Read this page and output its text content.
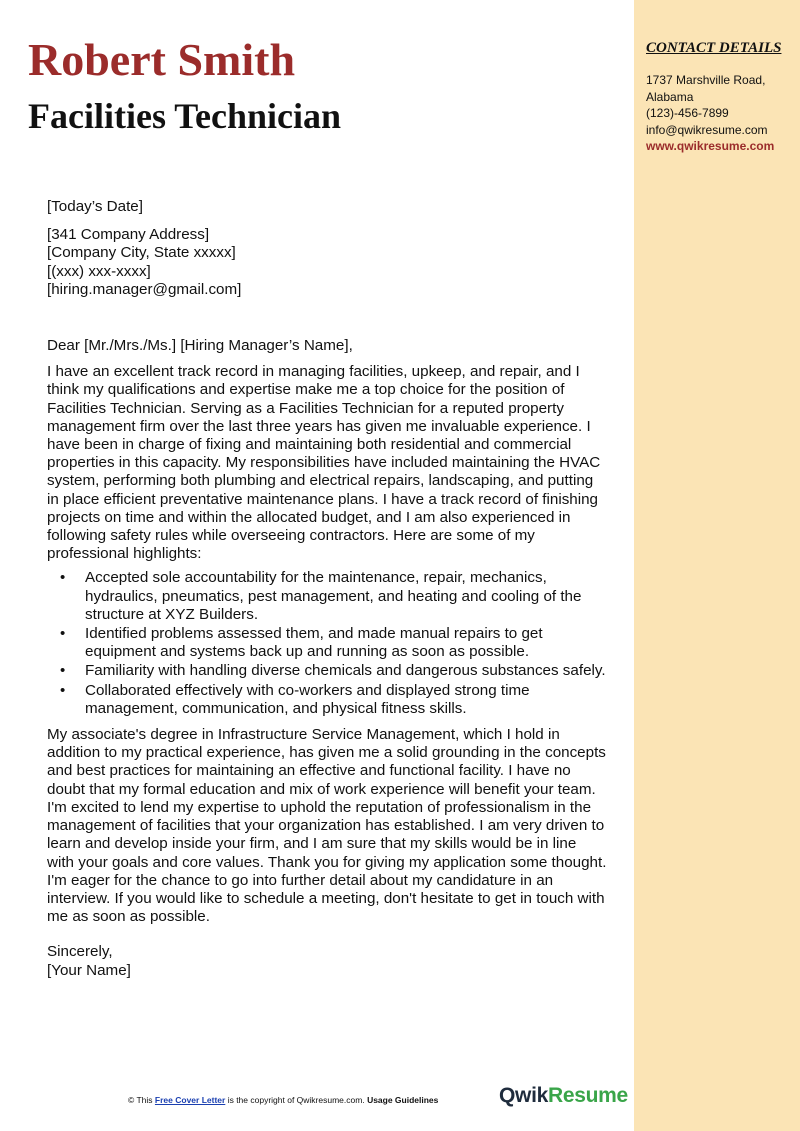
CONTACT DETAILS
1737 Marshville Road,
Alabama
(123)-456-7899
info@qwikresume.com
www.qwikresume.com
Robert Smith
Facilities Technician

[Today’s Date]

[341 Company Address]

[Company City, State xxxxx]

[(xxx) xxx-xxxx]

[hiring.manager@gmail.com]

Dear [Mr./Mrs./Ms.] [Hiring Manager’s Name],

I have an excellent track record in managing facilities, upkeep, and repair, and I think my qualifications and expertise make me a top choice for the position of Facilities Technician. Serving as a Facilities Technician for a reputed property management firm over the last three years has given me invaluable experience. I have been in charge of fixing and maintaining both residential and commercial properties in this capacity. My responsibilities have included maintaining the HVAC system, performing both plumbing and electrical repairs, landscaping, and putting in place efficient preventative maintenance plans. I have a track record of finishing projects on time and within the allocated budget, and I am also experienced in following safety rules while overseeing contractors. Here are some of my professional highlights:

• Accepted sole accountability for the maintenance, repair, mechanics, hydraulics, pneumatics, pest management, and heating and cooling of the structure at XYZ Builders.
• Identified problems assessed them, and made manual repairs to get equipment and systems back up and running as soon as possible.
• Familiarity with handling diverse chemicals and dangerous substances safely.
• Collaborated effectively with co-workers and displayed strong time management, communication, and physical fitness skills.

My associate's degree in Infrastructure Service Management, which I hold in addition to my practical experience, has given me a solid grounding in the concepts and best practices for maintaining an effective and functional facility. I have no doubt that my formal education and mix of work experience will benefit your team. I'm excited to lend my expertise to uphold the reputation of professionalism in the management of facilities that your organization has established. I am very driven to learn and develop inside your firm, and I am sure that my skills would be in line with your goals and core values. Thank you for giving my application some thought. I'm eager for the chance to go into further detail about my candidature in an interview. If you would like to schedule a meeting, don't hesitate to get in touch with me as soon as possible.

Sincerely,

[Your Name]

© This Free Cover Letter is the copyright of Qwikresume.com. Usage Guidelines	QwikResume
